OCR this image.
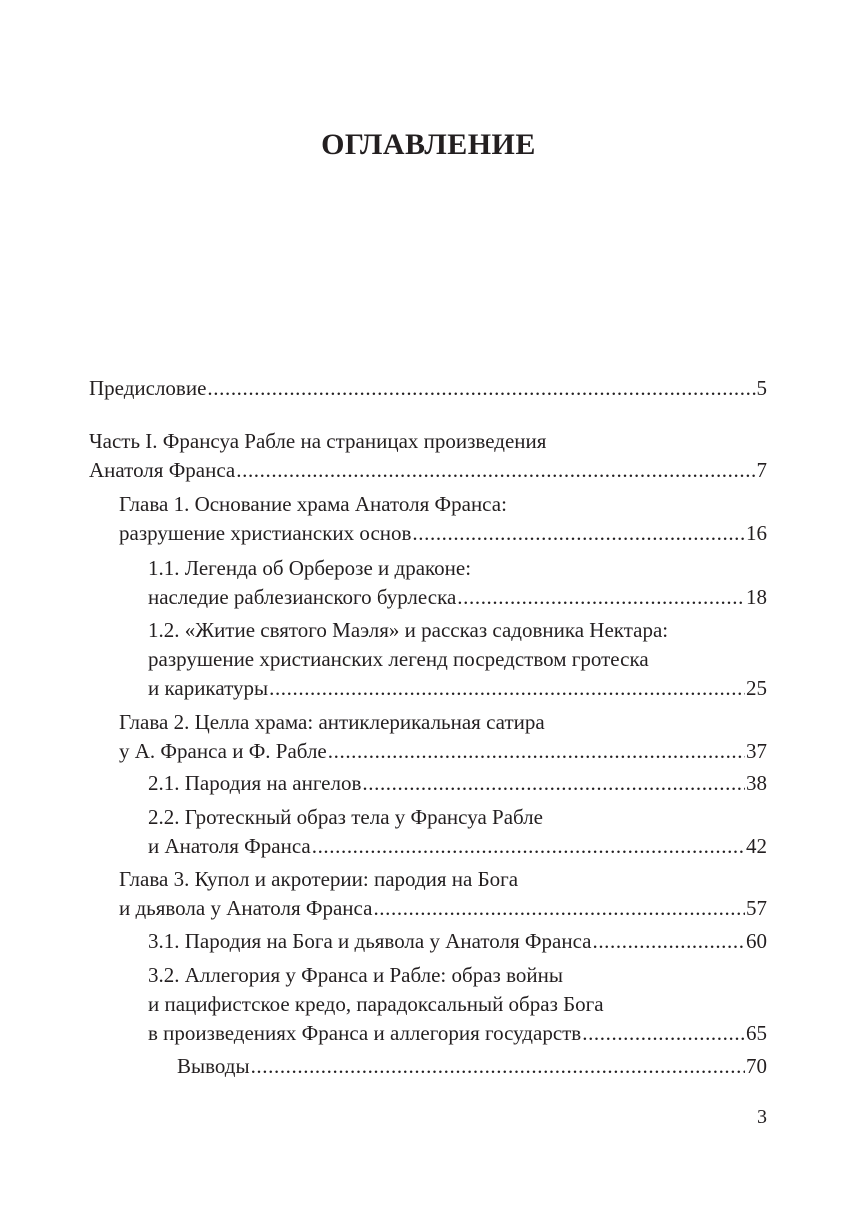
ОГЛАВЛЕНИЕ
Предисловие .....	5
Часть I. Франсуа Рабле на страницах произведения
Анатоля Франса .....	7
Глава 1. Основание храма Анатоля Франса:
разрушение христианских основ .....	16
1.1. Легенда об Орберозе и драконе:
наследие раблезианского бурлеска .....	18
1.2. «Житие святого Маэля» и рассказ садовника Нектара:
разрушение христианских легенд посредством гротеска
и карикатуры .....	25
Глава 2. Целла храма: антиклерикальная сатира
у А. Франса и Ф. Рабле .....	37
2.1. Пародия на ангелов .....	38
2.2. Гротескный образ тела у Франсуа Рабле
и Анатоля Франса .....	42
Глава 3. Купол и акротерии: пародия на Бога
и дьявола у Анатоля Франса .....	57
3.1. Пародия на Бога и дьявола у Анатоля Франса .....	60
3.2. Аллегория у Франса и Рабле: образ войны
и пацифистское кредо, парадоксальный образ Бога
в произведениях Франса и аллегория государств .....	65
Выводы .....	70
3
